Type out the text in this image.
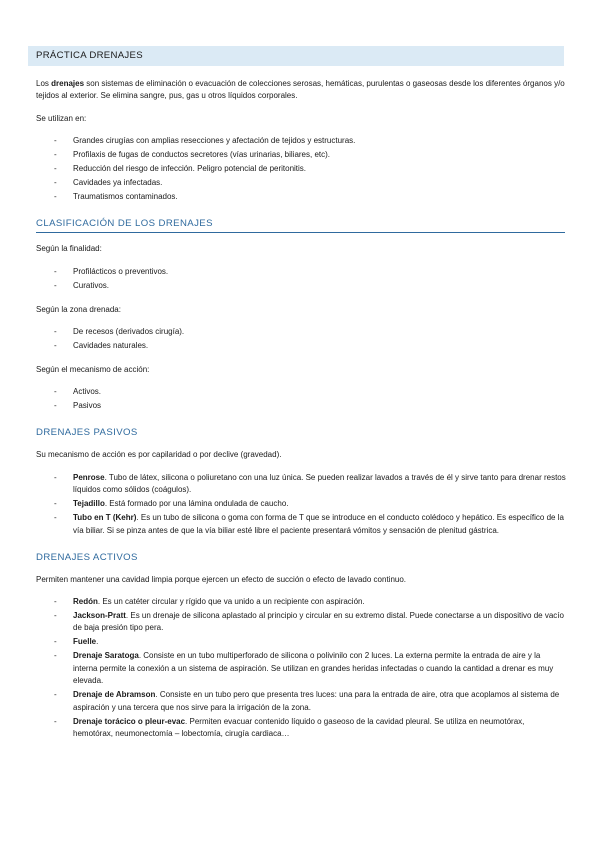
PRÁCTICA DRENAJES

Los drenajes son sistemas de eliminación o evacuación de colecciones serosas, hemáticas, purulentas o gaseosas desde los diferentes órganos y/o tejidos al exterior. Se elimina sangre, pus, gas u otros líquidos corporales.

Se utilizan en:

- Grandes cirugías con amplias resecciones y afectación de tejidos y estructuras.
- Profilaxis de fugas de conductos secretores (vías urinarias, biliares, etc).
- Reducción del riesgo de infección. Peligro potencial de peritonitis.
- Cavidades ya infectadas.
- Traumatismos contaminados.
CLASIFICACIÓN DE LOS DRENAJES

Según la finalidad:

- Profilácticos o preventivos.
- Curativos.

Según la zona drenada:

- De recesos (derivados cirugía).
- Cavidades naturales.

Según el mecanismo de acción:

- Activos.
- Pasivos
DRENAJES PASIVOS

Su mecanismo de acción es por capilaridad o por declive (gravedad).

- Penrose. Tubo de látex, silicona o poliuretano con una luz única. Se pueden realizar lavados a través de él y sirve tanto para drenar restos líquidos como sólidos (coágulos).
- Tejadillo. Está formado por una lámina ondulada de caucho.
- Tubo en T (Kehr). Es un tubo de silicona o goma con forma de T que se introduce en el conducto colédoco y hepático. Es específico de la vía biliar. Si se pinza antes de que la vía biliar esté libre el paciente presentará vómitos y sensación de plenitud gástrica.
DRENAJES ACTIVOS

Permiten mantener una cavidad limpia porque ejercen un efecto de succión o efecto de lavado continuo.

- Redón. Es un catéter circular y rígido que va unido a un recipiente con aspiración.
- Jackson-Pratt. Es un drenaje de silicona aplastado al principio y circular en su extremo distal. Puede conectarse a un dispositivo de vacío de baja presión tipo pera.
- Fuelle.
- Drenaje Saratoga. Consiste en un tubo multiperforado de silicona o polivinilo con 2 luces. La externa permite la entrada de aire y la interna permite la conexión a un sistema de aspiración. Se utilizan en grandes heridas infectadas o cuando la cantidad a drenar es muy elevada.
- Drenaje de Abramson. Consiste en un tubo pero que presenta tres luces: una para la entrada de aire, otra que acoplamos al sistema de aspiración y una tercera que nos sirve para la irrigación de la zona.
- Drenaje torácico o pleur-evac. Permiten evacuar contenido líquido o gaseoso de la cavidad pleural. Se utiliza en neumotórax, hemotórax, neumonectomía – lobectomía, cirugía cardiaca…
